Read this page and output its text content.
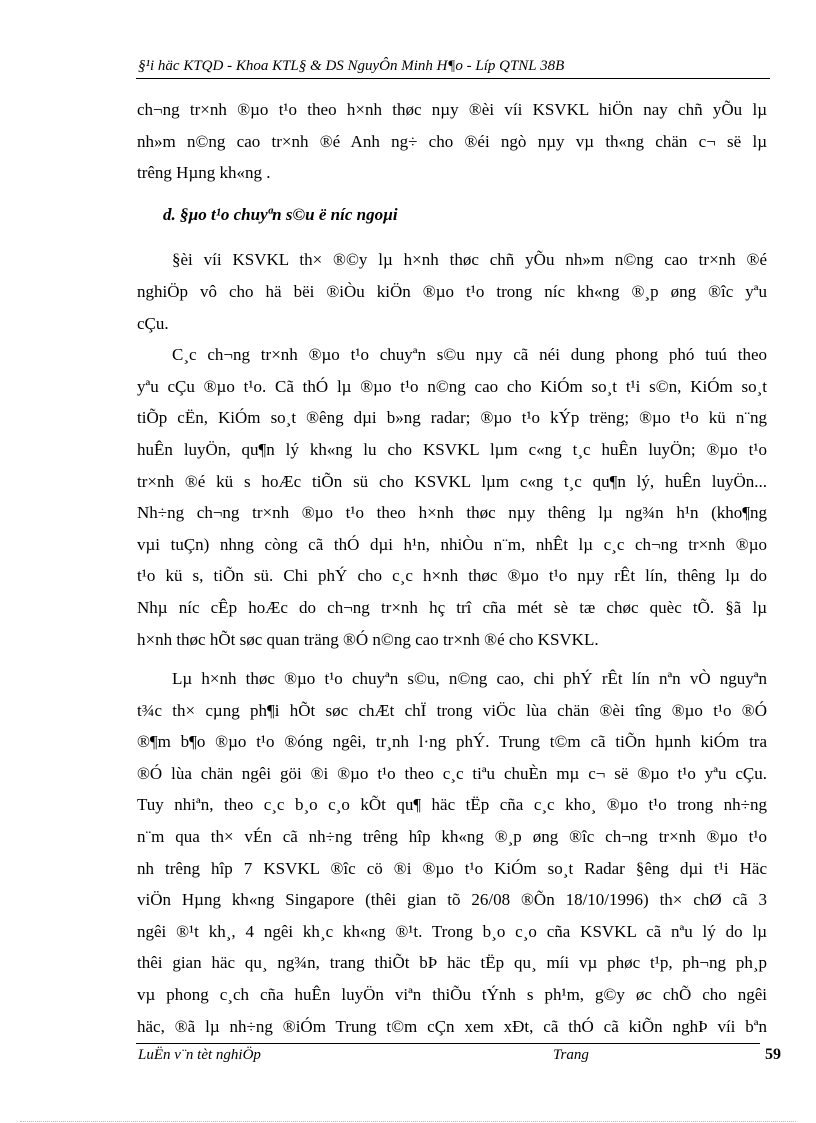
§¹i häc KTQD - Khoa KTL§ & DS NguyÔn Minh H¶o - Líp QTNL 38B
ch¬ng tr×nh ®µo t¹o theo h×nh thøc nµy ®èi víi KSVKL hiÖn nay chñ yÕu lµ
nh»m n©ng cao tr×nh ®é Anh ng÷ cho ®éi ngò nµy vµ th«ng chän c¬ së lµ
trêng Hµng kh«ng .
d. §µo t¹o chuyªn s©u ë níc ngoµi
§èi víi KSVKL th× ®©y lµ h×nh thøc chñ yÕu nh»m n©ng cao tr×nh ®é
nghiÖp vô cho hä bëi ®iÒu kiÖn ®µo t¹o trong níc kh«ng ®¸p øng ®îc yªu
cÇu.
C¸c ch¬ng tr×nh ®µo t¹o chuyªn s©u nµy cã néi dung phong phó tuú theo
yªu cÇu ®µo t¹o. Cã thÓ lµ ®µo t¹o n©ng cao cho KiÓm so¸t t¹i s©n, KiÓm so¸t
tiÕp cËn, KiÓm so¸t ®êng dµi b»ng radar; ®µo t¹o kÝp trëng; ®µo t¹o kü n¨ng
huÊn luyÖn, qu¶n lý kh«ng lu cho KSVKL lµm c«ng t¸c huÊn luyÖn; ®µo t¹o
tr×nh ®é kü s hoÆc tiÕn sü cho KSVKL lµm c«ng t¸c qu¶n lý, huÊn luyÖn...
Nh÷ng ch¬ng tr×nh ®µo t¹o theo h×nh thøc nµy thêng lµ ng¾n h¹n (kho¶ng
vµi tuÇn) nhng còng cã thÓ dµi h¹n, nhiÒu n¨m, nhÊt lµ c¸c ch¬ng tr×nh ®µo
t¹o kü s, tiÕn sü. Chi phÝ cho c¸c h×nh thøc ®µo t¹o nµy rÊt lín, thêng lµ do
Nhµ níc cÊp hoÆc do ch¬ng tr×nh hç trî cña mét sè tæ chøc quèc tÕ. §ã lµ
h×nh thøc hÕt søc quan träng ®Ó n©ng cao tr×nh ®é cho KSVKL.
Lµ h×nh thøc ®µo t¹o chuyªn s©u, n©ng cao, chi phÝ rÊt lín nªn vÒ nguyªn
t¾c th× cµng ph¶i hÕt søc chÆt chÏ trong viÖc lùa chän ®èi tîng ®µo t¹o ®Ó
®¶m b¶o ®µo t¹o ®óng ngêi, tr¸nh l·ng phÝ. Trung t©m cã tiÕn hµnh kiÓm tra
®Ó lùa chän ngêi göi ®i ®µo t¹o theo c¸c tiªu chuÈn mµ c¬ së ®µo t¹o yªu cÇu.
Tuy nhiªn, theo c¸c b¸o c¸o kÕt qu¶ häc tËp cña c¸c kho¸ ®µo t¹o trong nh÷ng
n¨m qua th× vÉn cã nh÷ng trêng hîp kh«ng ®¸p øng ®îc ch¬ng tr×nh ®µo t¹o
nh trêng hîp 7 KSVKL ®îc cö ®i ®µo t¹o KiÓm so¸t Radar §êng dµi t¹i Häc
viÖn Hµng kh«ng Singapore (thêi gian tõ 26/08 ®Õn 18/10/1996) th× chØ cã 3
ngêi ®¹t kh¸, 4 ngêi kh¸c kh«ng ®¹t. Trong b¸o c¸o cña KSVKL cã nªu lý do lµ
thêi gian häc qu¸ ng¾n, trang thiÕt bÞ häc tËp qu¸ míi vµ phøc t¹p, ph¬ng ph¸p
vµ phong c¸ch cña huÊn luyÖn viªn thiÕu tÝnh s ph¹m, g©y øc chÕ cho ngêi
häc, ®ã lµ nh÷ng ®iÓm Trung t©m cÇn xem xÐt, cã thÓ cã kiÕn nghÞ víi bªn
LuËn v¨n tèt nghiÖp	Trang	59
